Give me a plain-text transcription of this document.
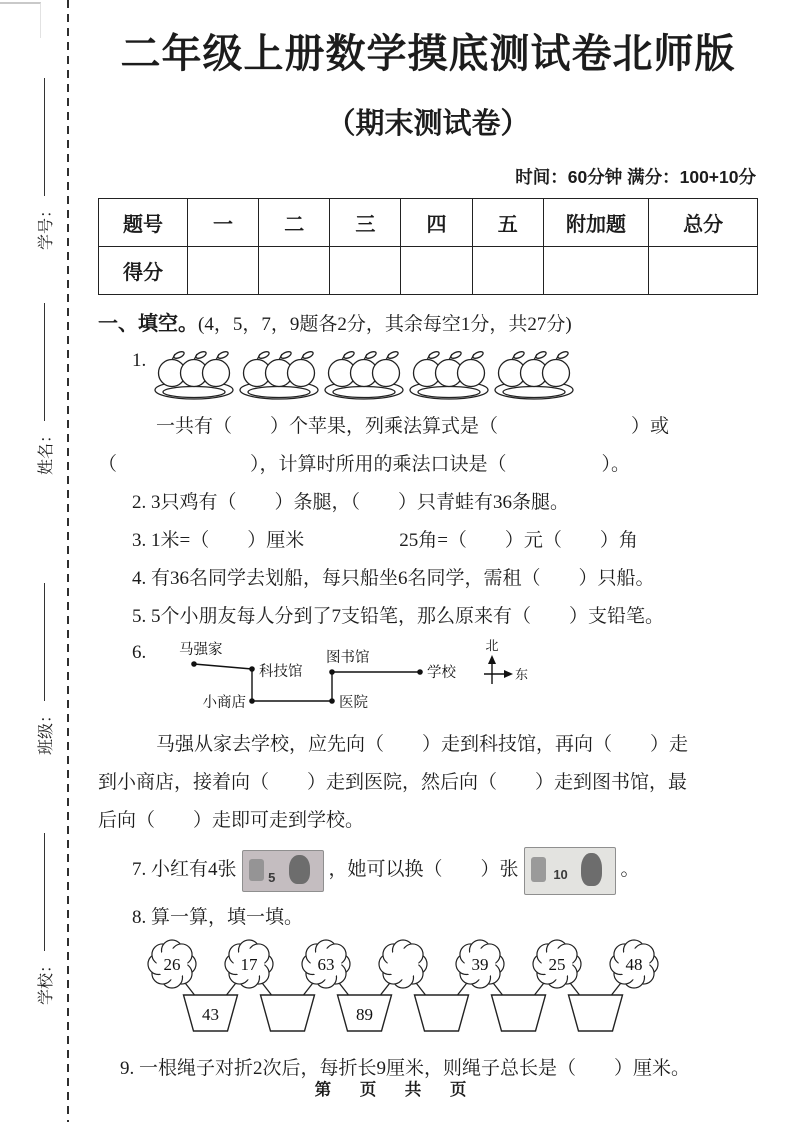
学号：
姓名：
班级：
学校：
二年级上册数学摸底测试卷北师版
（期末测试卷）
时间：60分钟 满分：100+10分
题号	一	二	三	四	五	附加题	总分
得分							

一、填空。(4，5，7，9题各2分，其余每空1分，共27分)

1.

一共有（　　）个苹果，列乘法算式是（　　　　　　　）或

（　　　　　　　），计算时所用的乘法口诀是（　　　　　）。

2. 3只鸡有（　　）条腿，（　　）只青蛙有36条腿。

3. 1米=（　　）厘米　　　　　25角=（　　）元（　　）角

4. 有36名同学去划船，每只船坐6名同学，需租（　　）只船。

5. 5个小朋友每人分到了7支铅笔，那么原来有（　　）支铅笔。

6. 马强家
科技馆
小商店	医院
图书馆
学校
北
东

马强从家去学校，应先向（　　）走到科技馆，再向（　　）走

到小商店，接着向（　　）走到医院，然后向（　　）走到图书馆，最

后向（　　）走即可走到学校。

7. 小红有4张 5	，她可以换（　　）张	10	。

8. 算一算，填一填。

26	17	63	39	25	48
43	89

9. 一根绳子对折2次后，每折长9厘米，则绳子总长是（　　）厘米。

第 页 共 页
